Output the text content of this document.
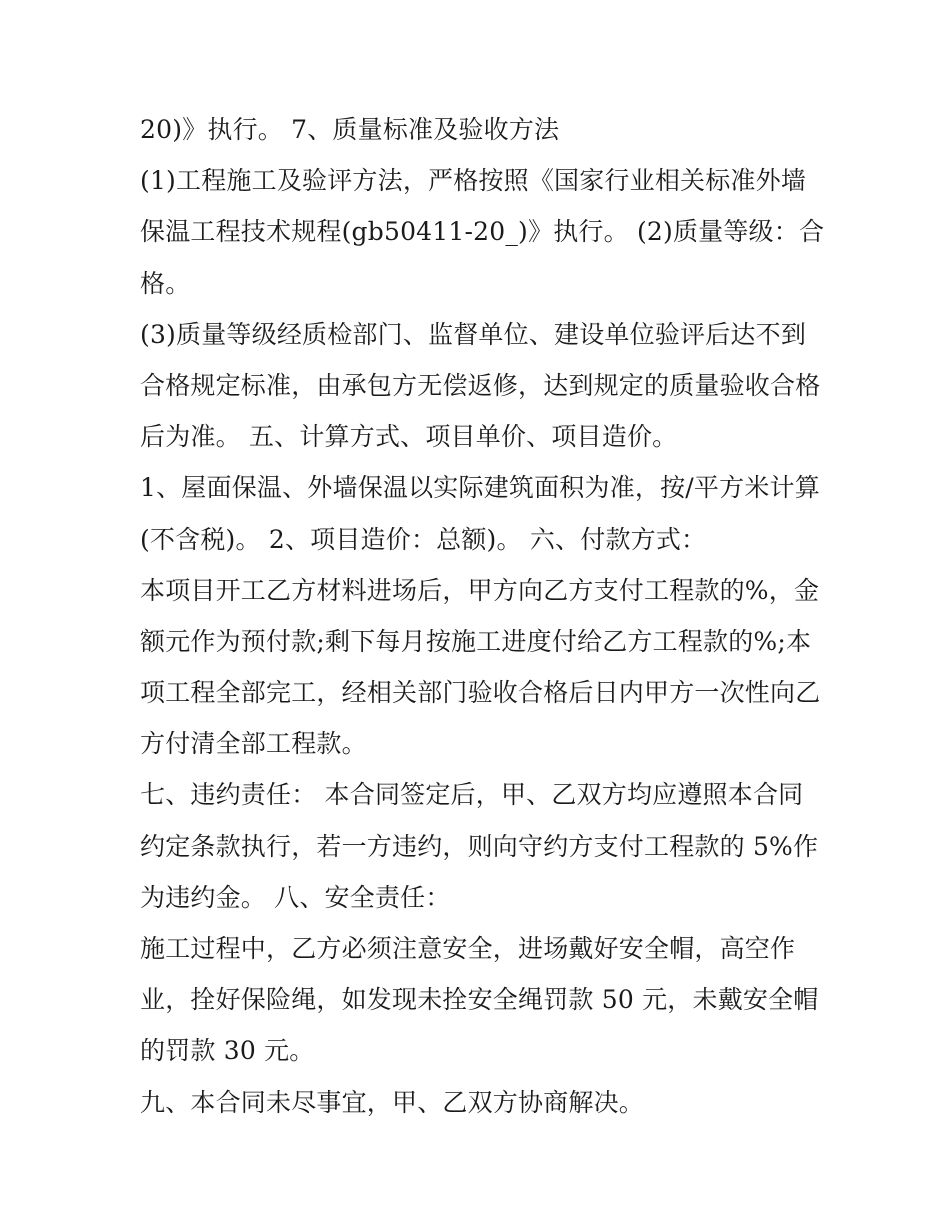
20)》执行。 7、质量标准及验收方法
(1)工程施工及验评方法，严格按照《国家行业相关标准外墙
保温工程技术规程(gb50411-20_)》执行。 (2)质量等级：合
格。
(3)质量等级经质检部门、监督单位、建设单位验评后达不到
合格规定标准，由承包方无偿返修，达到规定的质量验收合格
后为准。 五、计算方式、项目单价、项目造价。
1、屋面保温、外墙保温以实际建筑面积为准，按/平方米计算
(不含税)。 2、项目造价：总额)。 六、付款方式：
本项目开工乙方材料进场后，甲方向乙方支付工程款的%，金
额元作为预付款;剩下每月按施工进度付给乙方工程款的%;本
项工程全部完工，经相关部门验收合格后日内甲方一次性向乙
方付清全部工程款。
七、违约责任： 本合同签定后，甲、乙双方均应遵照本合同
约定条款执行，若一方违约，则向守约方支付工程款的 5%作
为违约金。 八、安全责任：
施工过程中，乙方必须注意安全，进场戴好安全帽，高空作
业，拴好保险绳，如发现未拴安全绳罚款 50 元，未戴安全帽
的罚款 30 元。
九、本合同未尽事宜，甲、乙双方协商解决。
